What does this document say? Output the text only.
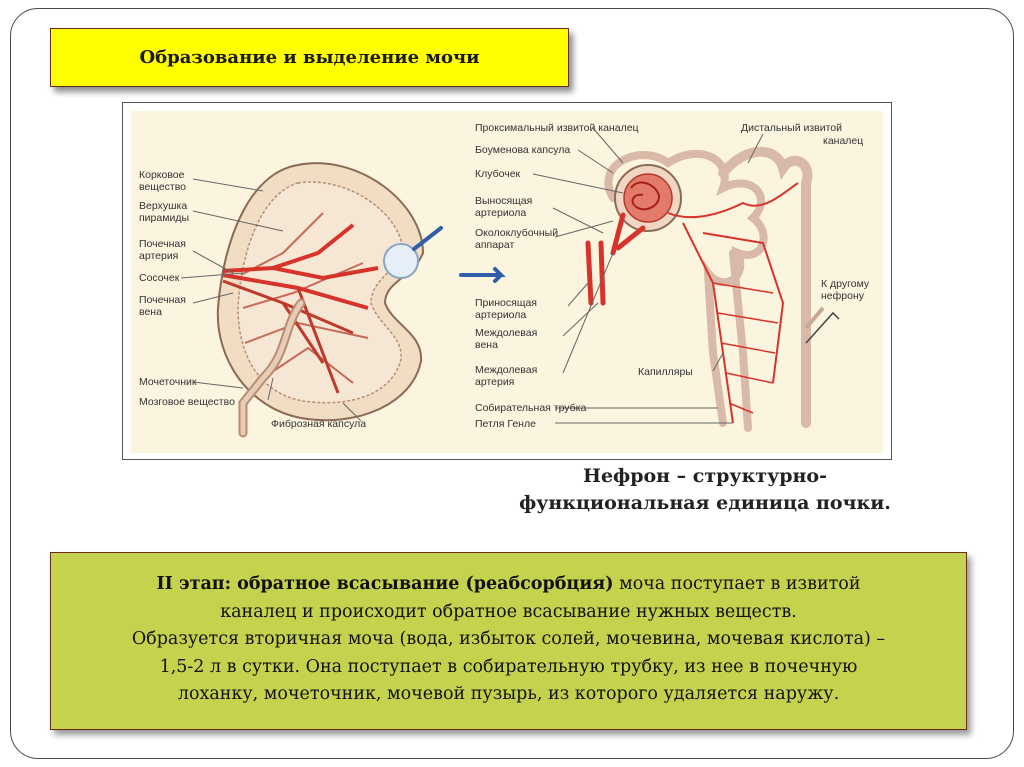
Образование и выделение мочи
Корковое
вещество
Верхушка
пирамиды
Почечная
артерия
Сосочек
Почечная
вена
Мочеточник
Мозговое вещество
Фиброзная капсула
Проксимальный извитой каналец
Боуменова капсула
Клубочек
Выносящая
артериола
Околоклубочный
аппарат
Приносящая
артериола
Междолевая
вена
Междолевая
артерия
Собирательная трубка
Петля Генле
Капилляры
Дистальный извитой
каналец
К другому
нефрону
Нефрон – структурно-
функциональная единица почки.
II этап: обратное всасывание (реабсорбция) моча поступает в извитой
каналец и происходит обратное всасывание нужных веществ.
Образуется вторичная моча (вода, избыток солей, мочевина, мочевая кислота) –
1,5-2 л в сутки. Она поступает в собирательную трубку, из нее в почечную
лоханку, мочеточник, мочевой пузырь, из которого удаляется наружу.
